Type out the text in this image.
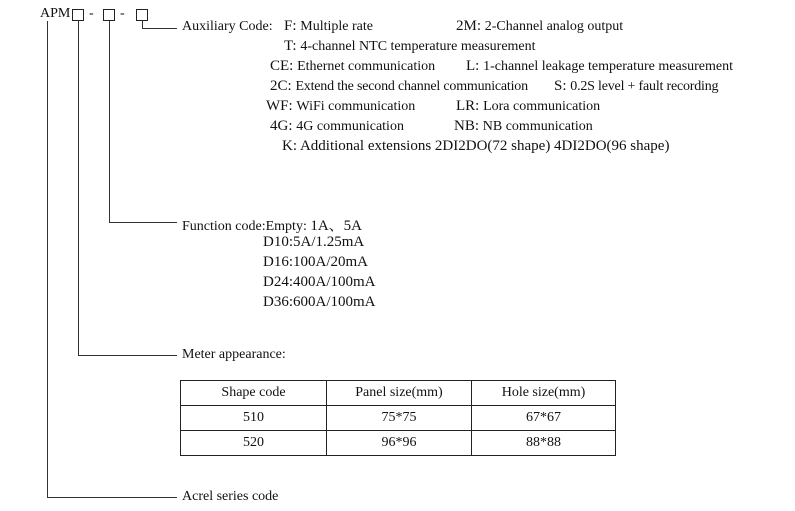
APM - -
Auxiliary Code: F: Multiple rate	2M: 2-Channel analog output
T: 4-channel NTC temperature measurement
CE: Ethernet communication L: 1-channel leakage temperature measurement
2C: Extend the second channel communication S: 0.2S level + fault recording
WF: WiFi communication	LR: Lora communication
4G: 4G communication	NB: NB communication
K: Additional extensions 2DI2DO(72 shape) 4DI2DO(96 shape)
Function code:Empty: 1A、5A
D10:5A/1.25mA
D16:100A/20mA
D24:400A/100mA
D36:600A/100mA
Meter appearance:
Shape code	Panel size(mm)	Hole size(mm)
510	75*75	67*67
520	96*96	88*88
Acrel series code
